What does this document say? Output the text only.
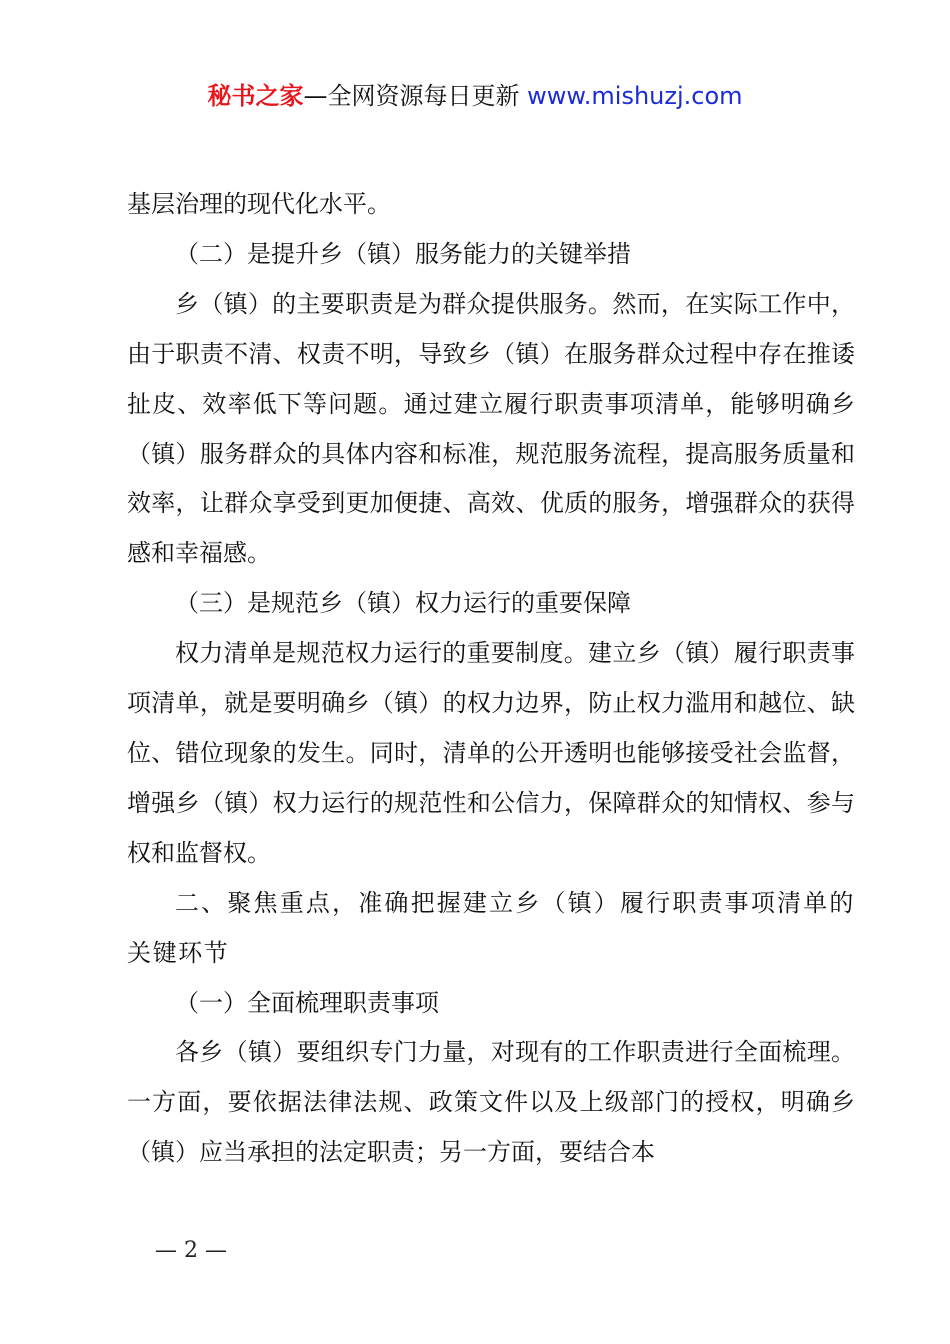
秘书之家—全网资源每日更新 www.mishuzj.com

基层治理的现代化水平。

（二）是提升乡（镇）服务能力的关键举措

乡（镇）的主要职责是为群众提供服务。然而，在实际工作中，由于职责不清、权责不明，导致乡（镇）在服务群众过程中存在推诿扯皮、效率低下等问题。通过建立履行职责事项清单，能够明确乡（镇）服务群众的具体内容和标准，规范服务流程，提高服务质量和效率，让群众享受到更加便捷、高效、优质的服务，增强群众的获得感和幸福感。

（三）是规范乡（镇）权力运行的重要保障

权力清单是规范权力运行的重要制度。建立乡（镇）履行职责事项清单，就是要明确乡（镇）的权力边界，防止权力滥用和越位、缺位、错位现象的发生。同时，清单的公开透明也能够接受社会监督，增强乡（镇）权力运行的规范性和公信力，保障群众的知情权、参与权和监督权。

二、聚焦重点，准确把握建立乡（镇）履行职责事项清单的关键环节

（一）全面梳理职责事项

各乡（镇）要组织专门力量，对现有的工作职责进行全面梳理。一方面，要依据法律法规、政策文件以及上级部门的授权，明确乡（镇）应当承担的法定职责；另一方面，要结合本

— 2 —
